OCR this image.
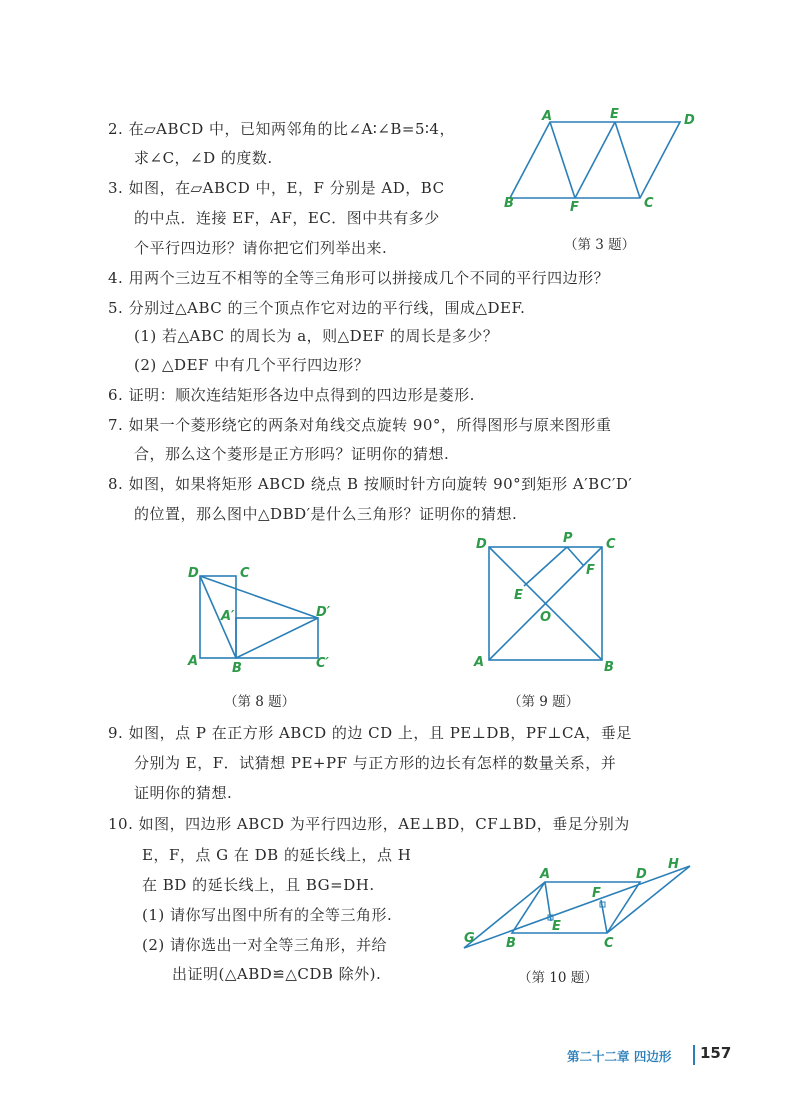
2. 在▱ABCD 中，已知两邻角的比∠A∶∠B=5∶4，
求∠C，∠D 的度数.
3. 如图，在▱ABCD 中，E，F 分别是 AD，BC
的中点．连接 EF，AF，EC．图中共有多少
个平行四边形？请你把它们列举出来.
A	E	D
B	F	C
（第 3 题）
4. 用两个三边互不相等的全等三角形可以拼接成几个不同的平行四边形？
5. 分别过△ABC 的三个顶点作它对边的平行线，围成△DEF.
(1) 若△ABC 的周长为 a，则△DEF 的周长是多少？
(2) △DEF 中有几个平行四边形？
6. 证明：顺次连结矩形各边中点得到的四边形是菱形.
7. 如果一个菱形绕它的两条对角线交点旋转 90°，所得图形与原来图形重
合，那么这个菱形是正方形吗？证明你的猜想.
8. 如图，如果将矩形 ABCD 绕点 B 按顺时针方向旋转 90°到矩形 A′BC′D′
的位置，那么图中△DBD′是什么三角形？证明你的猜想.
D	C
A′	D′
A	B	C′
（第 8 题）
D	P	C
F
E
O
A	B
（第 9 题）
9. 如图，点 P 在正方形 ABCD 的边 CD 上，且 PE⊥DB，PF⊥CA，垂足
分别为 E，F．试猜想 PE+PF 与正方形的边长有怎样的数量关系，并
证明你的猜想.
10. 如图，四边形 ABCD 为平行四边形，AE⊥BD，CF⊥BD，垂足分别为
E，F，点 G 在 DB 的延长线上，点 H
在 BD 的延长线上，且 BG=DH.
(1) 请你写出图中所有的全等三角形.
(2) 请你选出一对全等三角形，并给
出证明(△ABD≌△CDB 除外).
A	D
H
F
E
G B	C
（第 10 题）
第二十二章 四边形 157
